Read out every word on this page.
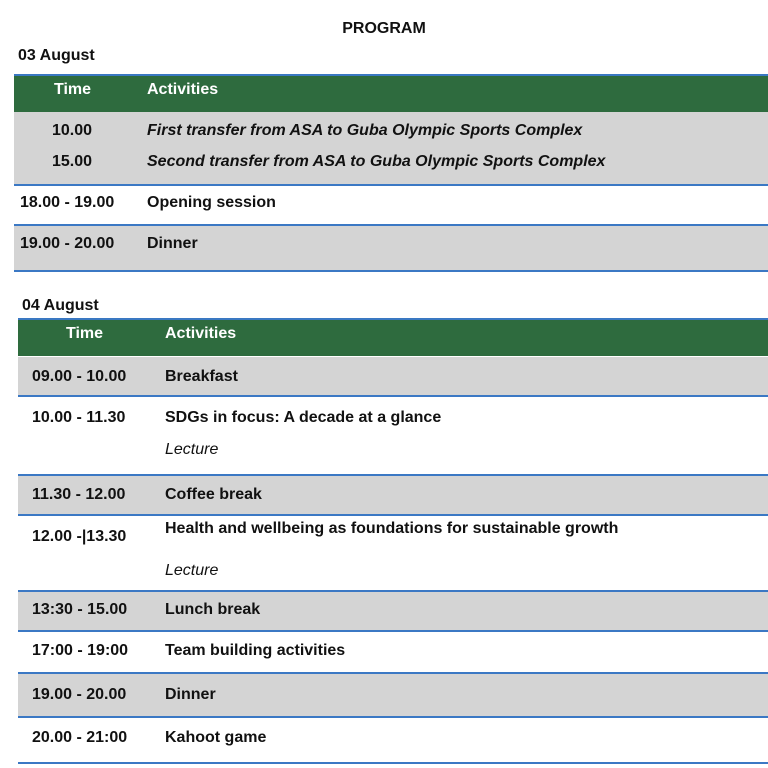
PROGRAM
03 August
Time	Activities
10.00	First transfer from ASA to Guba Olympic Sports Complex
15.00	Second transfer from ASA to Guba Olympic Sports Complex
18.00 - 19.00 Opening session
19.00 - 20.00 Dinner
04 August
Time	Activities
09.00 - 10.00 Breakfast
10.00 - 11.30 SDGs in focus: A decade at a glance
Lecture
11.30 - 12.00 Coffee break
12.00 -|13.30 Health and wellbeing as foundations for sustainable growth
Lecture
13:30 - 15.00 Lunch break
17:00 - 19:00 Team building activities
19.00 - 20.00 Dinner
20.00 - 21:00 Kahoot game
